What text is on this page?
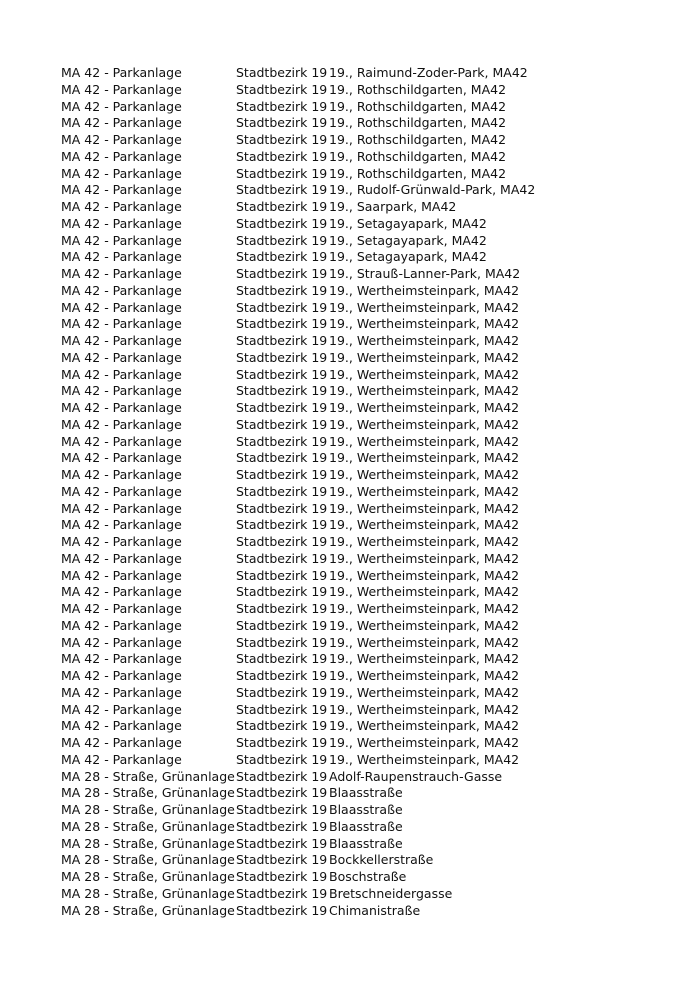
MA 42 - Parkanlage	Stadtbezirk 19 19., Raimund-Zoder-Park, MA42
MA 42 - Parkanlage	Stadtbezirk 19 19., Rothschildgarten, MA42
MA 42 - Parkanlage	Stadtbezirk 19 19., Rothschildgarten, MA42
MA 42 - Parkanlage	Stadtbezirk 19 19., Rothschildgarten, MA42
MA 42 - Parkanlage	Stadtbezirk 19 19., Rothschildgarten, MA42
MA 42 - Parkanlage	Stadtbezirk 19 19., Rothschildgarten, MA42
MA 42 - Parkanlage	Stadtbezirk 19 19., Rothschildgarten, MA42
MA 42 - Parkanlage	Stadtbezirk 19 19., Rudolf-Grünwald-Park, MA42
MA 42 - Parkanlage	Stadtbezirk 19 19., Saarpark, MA42
MA 42 - Parkanlage	Stadtbezirk 19 19., Setagayapark, MA42
MA 42 - Parkanlage	Stadtbezirk 19 19., Setagayapark, MA42
MA 42 - Parkanlage	Stadtbezirk 19 19., Setagayapark, MA42
MA 42 - Parkanlage	Stadtbezirk 19 19., Strauß-Lanner-Park, MA42
MA 42 - Parkanlage	Stadtbezirk 19 19., Wertheimsteinpark, MA42
MA 42 - Parkanlage	Stadtbezirk 19 19., Wertheimsteinpark, MA42
MA 42 - Parkanlage	Stadtbezirk 19 19., Wertheimsteinpark, MA42
MA 42 - Parkanlage	Stadtbezirk 19 19., Wertheimsteinpark, MA42
MA 42 - Parkanlage	Stadtbezirk 19 19., Wertheimsteinpark, MA42
MA 42 - Parkanlage	Stadtbezirk 19 19., Wertheimsteinpark, MA42
MA 42 - Parkanlage	Stadtbezirk 19 19., Wertheimsteinpark, MA42
MA 42 - Parkanlage	Stadtbezirk 19 19., Wertheimsteinpark, MA42
MA 42 - Parkanlage	Stadtbezirk 19 19., Wertheimsteinpark, MA42
MA 42 - Parkanlage	Stadtbezirk 19 19., Wertheimsteinpark, MA42
MA 42 - Parkanlage	Stadtbezirk 19 19., Wertheimsteinpark, MA42
MA 42 - Parkanlage	Stadtbezirk 19 19., Wertheimsteinpark, MA42
MA 42 - Parkanlage	Stadtbezirk 19 19., Wertheimsteinpark, MA42
MA 42 - Parkanlage	Stadtbezirk 19 19., Wertheimsteinpark, MA42
MA 42 - Parkanlage	Stadtbezirk 19 19., Wertheimsteinpark, MA42
MA 42 - Parkanlage	Stadtbezirk 19 19., Wertheimsteinpark, MA42
MA 42 - Parkanlage	Stadtbezirk 19 19., Wertheimsteinpark, MA42
MA 42 - Parkanlage	Stadtbezirk 19 19., Wertheimsteinpark, MA42
MA 42 - Parkanlage	Stadtbezirk 19 19., Wertheimsteinpark, MA42
MA 42 - Parkanlage	Stadtbezirk 19 19., Wertheimsteinpark, MA42
MA 42 - Parkanlage	Stadtbezirk 19 19., Wertheimsteinpark, MA42
MA 42 - Parkanlage	Stadtbezirk 19 19., Wertheimsteinpark, MA42
MA 42 - Parkanlage	Stadtbezirk 19 19., Wertheimsteinpark, MA42
MA 42 - Parkanlage	Stadtbezirk 19 19., Wertheimsteinpark, MA42
MA 42 - Parkanlage	Stadtbezirk 19 19., Wertheimsteinpark, MA42
MA 42 - Parkanlage	Stadtbezirk 19 19., Wertheimsteinpark, MA42
MA 42 - Parkanlage	Stadtbezirk 19 19., Wertheimsteinpark, MA42
MA 42 - Parkanlage	Stadtbezirk 19 19., Wertheimsteinpark, MA42
MA 42 - Parkanlage	Stadtbezirk 19 19., Wertheimsteinpark, MA42
MA 28 - Straße, Grünanlage Stadtbezirk 19 Adolf-Raupenstrauch-Gasse
MA 28 - Straße, Grünanlage Stadtbezirk 19 Blaasstraße
MA 28 - Straße, Grünanlage Stadtbezirk 19 Blaasstraße
MA 28 - Straße, Grünanlage Stadtbezirk 19 Blaasstraße
MA 28 - Straße, Grünanlage Stadtbezirk 19 Blaasstraße
MA 28 - Straße, Grünanlage Stadtbezirk 19 Bockkellerstraße
MA 28 - Straße, Grünanlage Stadtbezirk 19 Boschstraße
MA 28 - Straße, Grünanlage Stadtbezirk 19 Bretschneidergasse
MA 28 - Straße, Grünanlage Stadtbezirk 19 Chimanistraße
